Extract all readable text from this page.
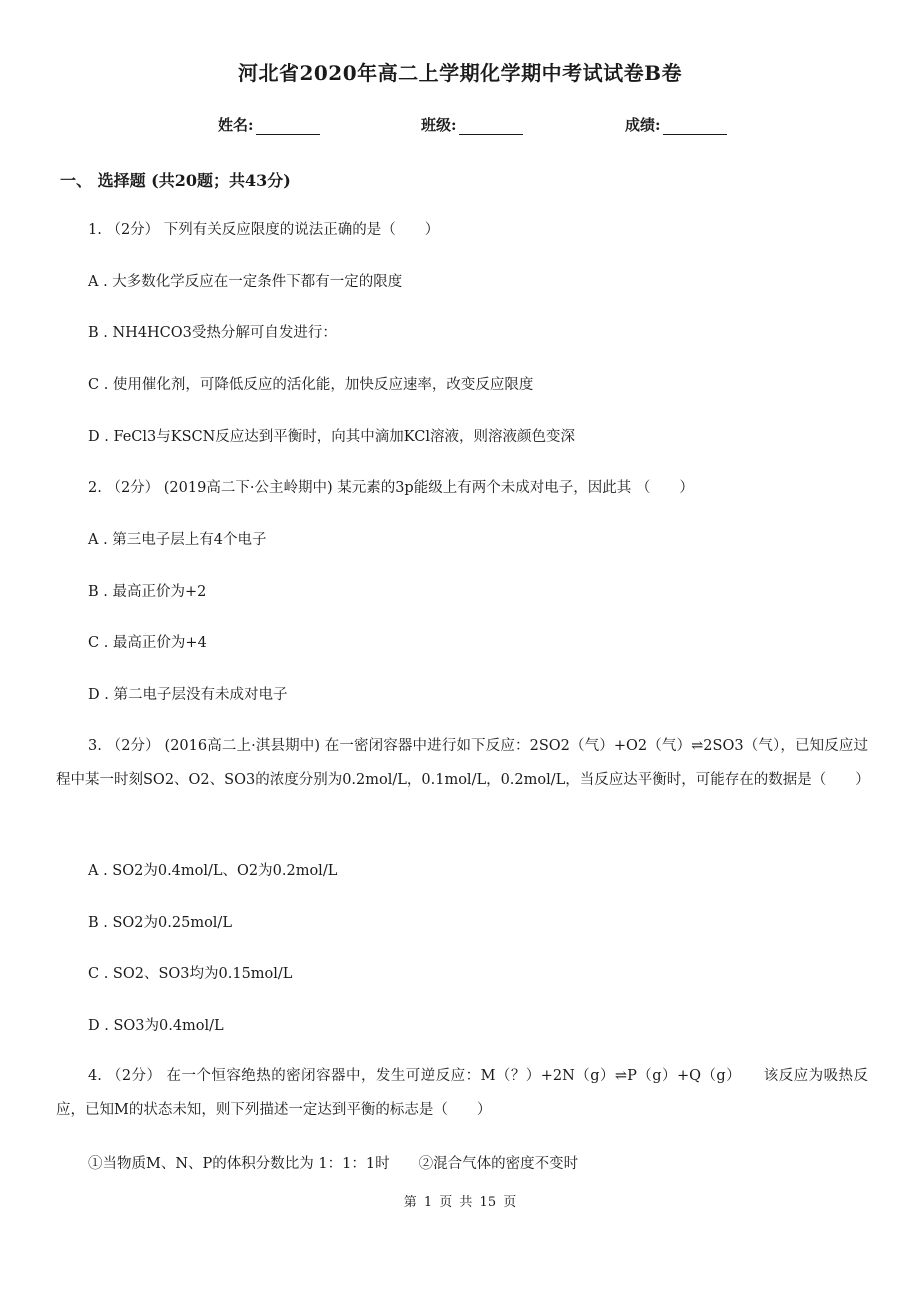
河北省2020年高二上学期化学期中考试试卷B卷
姓名:	班级:	成绩:
一、 选择题 (共20题；共43分)
1. （2分） 下列有关反应限度的说法正确的是（　　）
A . 大多数化学反应在一定条件下都有一定的限度
B . NH4HCO3受热分解可自发进行：
C . 使用催化剂，可降低反应的活化能，加快反应速率，改变反应限度
D . FeCl3与KSCN反应达到平衡时，向其中滴加KCl溶液，则溶液颜色变深
2. （2分） (2019高二下·公主岭期中) 某元素的3p能级上有两个未成对电子，因此其 （　　）
A . 第三电子层上有4个电子
B . 最高正价为+2
C . 最高正价为+4
D . 第二电子层没有未成对电子
3. （2分） (2016高二上·淇县期中) 在一密闭容器中进行如下反应：2SO2（气）+O2（气）⇌2SO3（气），已知反应过程中某一时刻SO2、O2、SO3的浓度分别为0.2mol/L，0.1mol/L，0.2mol/L，当反应达平衡时，可能存在的数据是（　　）
A . SO2为0.4mol/L、O2为0.2mol/L
B . SO2为0.25mol/L
C . SO2、SO3均为0.15mol/L
D . SO3为0.4mol/L
4. （2分） 在一个恒容绝热的密闭容器中，发生可逆反应：M（？）+2N（g）⇌P（g）+Q（g）　　该反应为吸热反应，已知M的状态未知，则下列描述一定达到平衡的标志是（　　）
①当物质M、N、P的体积分数比为 1：1：1时　　②混合气体的密度不变时
第 1 页 共 15 页
